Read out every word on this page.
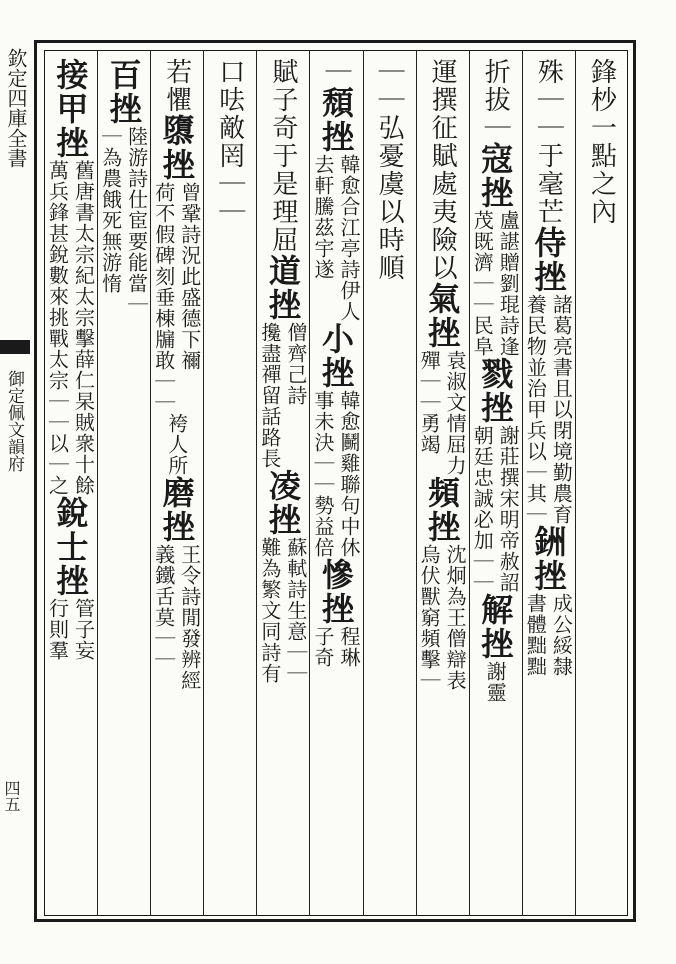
欽定四庫全書
御定佩文韻府
四五
鋒杪一點之內
殊｜｜于毫芒
侍挫
諸葛亮書且以閉境勤農育
養民物並治甲兵以｜其｜
銂挫
成公綏隸
書體黜黜
折拔｜
寇挫
盧諶贈劉琨詩逢
茂既濟｜｜民阜
戮挫
謝莊撰宋明帝赦詔
朝廷忠誠必加｜｜
解挫
謝靈
運撰征賦處夷險以
氣挫
袁淑文情屈力
殫｜｜勇竭
頻挫
沈炯為王僧辯表
烏伏獸窮頻擊｜
｜｜弘憂虞以時順
｜
頹挫
韓愈合江亭詩伊人
去軒騰茲宇遂
小挫
韓愈鬭雞聯句中休
事未決｜｜勢益倍
慘挫
程琳
子奇
賦子奇于是理屈
道挫
僧齊己詩
攙盡禪留話路長
凌挫
蘇軾詩生意｜｜
難為繁文同詩有
口呿敵罔｜｜
若懼
隳挫
曾鞏詩況此盛德下禰
荷不假碑刻垂棟牖敢｜｜
袴人所
磨挫
王令詩閒發辨經
義鐵舌莫｜｜
百挫
陸游詩仕宦要能當｜
｜為農餓死無游惰
接甲挫
舊唐書太宗紀太宗擊薛仁杲賊衆十餘
萬兵鋒甚銳數來挑戰太宗｜｜以｜之
銳士挫
管子妄
行則羣
